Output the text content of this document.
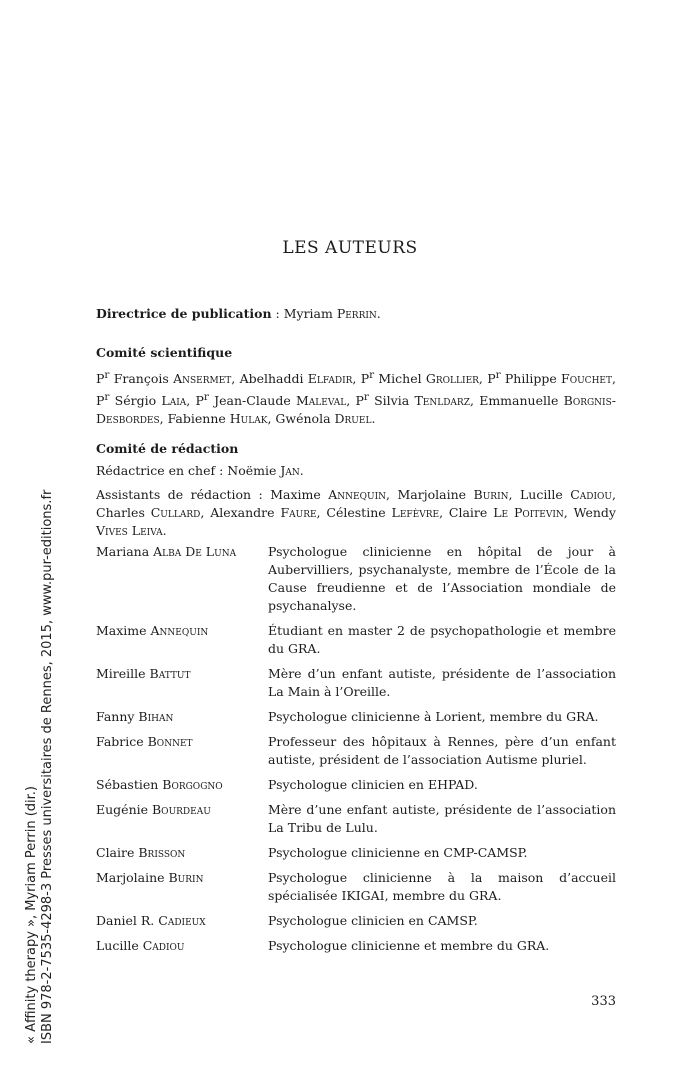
LES AUTEURS
Directrice de publication : Myriam Perrin.
Comité scientifique
$P^r$ François Ansermet, Abelhaddi Elfadir, $P^r$ Michel Grollier, $P^r$ Philippe Fouchet, $P^r$ Sérgio Laia, $P^r$ Jean-Claude Maleval, $P^r$ Silvia Tenldarz, Emmanuelle Borgnis-Desbordes, Fabienne Hulak, Gwénola Druel.
Comité de rédaction
Rédactrice en chef : Noëmie Jan.
Assistants de rédaction : Maxime Annequin, Marjolaine Burin, Lucille Cadiou, Charles Cullard, Alexandre Faure, Célestine Lefèvre, Claire Le Poitevin, Wendy Vives Leiva.
Mariana Alba De Luna	Psychologue clinicienne en hôpital de jour à Aubervilliers, psychanalyste, membre de l’École de la Cause freudienne et de l’Association mondiale de psychanalyse.
Maxime Annequin	Étudiant en master 2 de psychopathologie et membre du GRA.
Mireille Battut	Mère d’un enfant autiste, présidente de l’association La Main à l’Oreille.
Fanny Bihan	Psychologue clinicienne à Lorient, membre du GRA.
Fabrice Bonnet	Professeur des hôpitaux à Rennes, père d’un enfant autiste, président de l’association Autisme pluriel.
Sébastien Borgogno	Psychologue clinicien en EHPAD.
Eugénie Bourdeau	Mère d’une enfant autiste, présidente de l’association La Tribu de Lulu.
Claire Brisson	Psychologue clinicienne en CMP-CAMSP.
Marjolaine Burin	Psychologue clinicienne à la maison d’accueil spécialisée IKIGAI, membre du GRA.
Daniel R. Cadieux	Psychologue clinicien en CAMSP.
Lucille Cadiou	Psychologue clinicienne et membre du GRA.
333
« Affinity therapy », Myriam Perrin (dir.) ISBN 978-2-7535-4298-3 Presses universitaires de Rennes, 2015, www.pur-editions.fr
